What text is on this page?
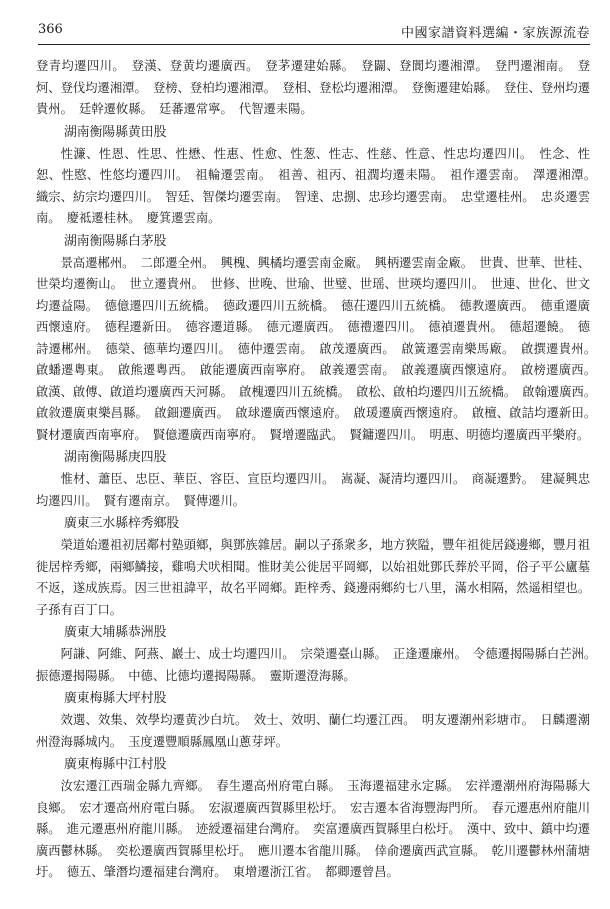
366	中國家譜資料選編・家族源流卷

登青均遷四川。　登漢、登黄均遷廣西。　登茅遷建始縣。　登闢、登閬均遷湘潭。　登門遷湘南。　登炣、登伐均遷湘潭。　登榜、登柏均遷湘潭。　登相、登松均遷湘潭。　登衡遷建始縣。　登住、登州均遷貴州。　廷幹遷攸縣。　廷蕃遷常寧。　代智遷耒陽。

湖南衡陽縣黄田股

性濂、性恩、性思、性懋、性惠、性愈、性葱、性志、性慈、性意、性忠均遷四川。　性念、性恕、性愍、性悠均遷四川。　祖輪遷雲南。　祖善、祖丙、祖潤均遷耒陽。　祖作遷雲南。　澤遷湘潭。　織宗、紡宗均遷四川。　智廷、智傑均遷雲南。　智達、忠捌、忠珍均遷雲南。　忠堂遷桂州。　忠炎遷雲南。　慶祗遷桂林。　慶箕遷雲南。

湖南衡陽縣白茅股

景高遷郴州。　二郎遷全州。　興槐、興橘均遷雲南金廠。　興柄遷雲南金廠。　世貴、世華、世桂、世榮均遷衡山。　世立遷貴州。　世修、世晚、世瑜、世璧、世瑶、世瑛均遷四川。　世連、世化、世文均遷益陽。　德億遷四川五統橋。　德政遷四川五統橋。　德茌遷四川五統橋。　德教遷廣西。　德重遷廣西懷遠府。　德程遷新田。　德容遷道縣。　德元遷廣西。　德禮遷四川。　德禎遷貴州。　德超遷饒。　德詩遷郴州。　德榮、德華均遷四川。　德仲遷雲南。　啟茂遷廣西。　啟簧遷雲南樂馬廠。　啟撰遷貴州。　啟蟠遷粵東。　啟熊遷粵西。　啟能遷廣西南寧府。　啟義遷雲南。　啟義遷廣西懷遠府。　啟榜遷廣西。　啟漢、啟傅、啟道均遷廣西天河縣。　啟槐遷四川五統橋。　啟松、啟柏均遷四川五統橋。　啟翰遷廣西。　啟敘遷廣東樂昌縣。　啟鈿遷廣西。　啟球遷廣西懷遠府。　啟瑗遷廣西懷遠府。　啟檀、啟詰均遷新田。　賢材遷廣西南寧府。　賢億遷廣西南寧府。　賢增遷臨武。　賢鏞遷四川。　明惠、明德均遷廣西平樂府。

湖南衡陽縣庚四股

惟材、蕭臣、忠臣、華臣、容臣、宣臣均遷四川。　嵩凝、凝清均遷四川。　商凝遷黔。　建凝興忠均遷四川。　賢有遷南京。　賢傳遷川。

廣東三水縣梓秀鄉股

榮道始遷祖初居鄰村塾頭鄉，與鄧族雜居。嗣以子孫衆多，地方狹隘，豐年祖徙居錢邊鄉，豐月祖徙居梓秀鄉，兩鄉鱗接，雞鳴犬吠相聞。惟財美公徙居平岡鄉，以始祖妣鄧氏葬於平岡，俗子平公廬墓不返，遂成族焉。因三世祖諱平，故名平岡鄉。距梓秀、錢邊兩鄉約七八里，滿水相隔，然遥相望也。子孫有百丁口。

廣東大埔縣恭洲股

阿謙、阿維、阿燕、巖士、成士均遷四川。　宗榮遷臺山縣。　正逢遷廉州。　令德遷揭陽縣白芒洲。　振德遷揭陽縣。　中德、比德均遷揭陽縣。　靈斯遷澄海縣。

廣東梅縣大坪村股

效選、效集、效學均遷黄沙白坑。　效士、效明、蘭仁均遷江西。　明友遷潮州彩塘市。　日麟遷潮州澄海縣城内。　玉度遷豐順縣鳳凰山蔥芽坪。

廣東梅縣中江村股

汝宏遷江西瑞金縣九齊鄉。　春生遷高州府電白縣。　玉海遷福建永定縣。　宏祥遷潮州府海陽縣大良鄉。　宏才遷高州府電白縣。　宏淑遷廣西賀縣里松圩。　宏吉遷本省海豐海門所。　春元遷惠州府龍川縣。　進元遷惠州府龍川縣。　迹綬遷福建台灣府。　奕富遷廣西賀縣里白松圩。　漢中、致中、鎮中均遷廣西鬱林縣。　奕松遷廣西賀縣里松圩。　應川遷本省龍川縣。　倖俞遷廣西武宣縣。　乾川遷鬱林州蒲塘圩。　德五、肇潛均遷福建台灣府。　東增遷浙江省。　都卿遷曾昌。
